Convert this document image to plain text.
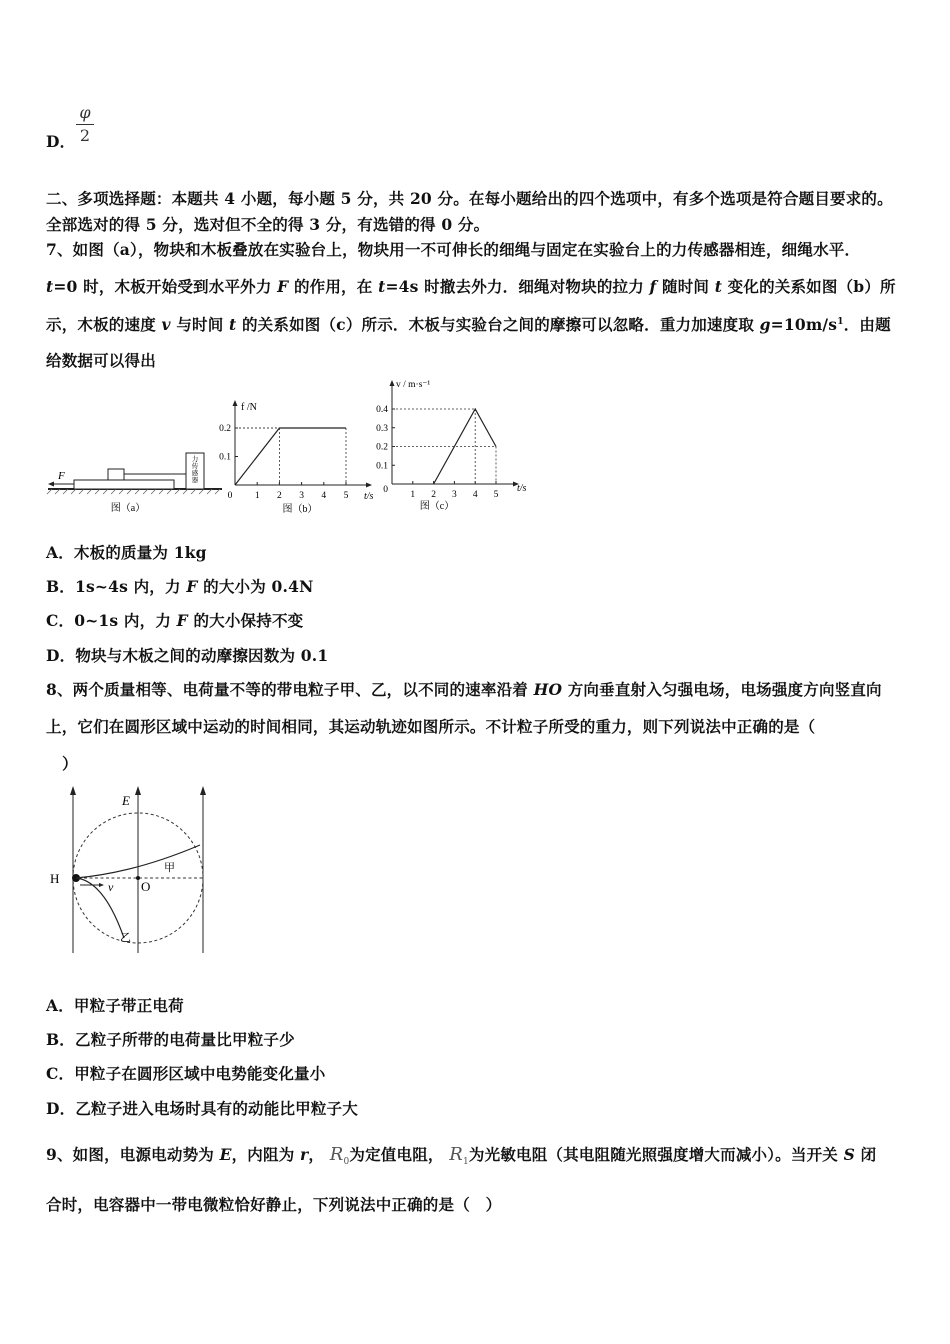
D．
φ
2
二、多项选择题：本题共 4 小题，每小题 5 分，共 20 分。在每小题给出的四个选项中，有多个选项是符合题目要求的。
全部选对的得 5 分，选对但不全的得 3 分，有选错的得 0 分。
7、如图（a），物块和木板叠放在实验台上，物块用一不可伸长的细绳与固定在实验台上的力传感器相连，细绳水平．
t=0 时，木板开始受到水平外力 F 的作用，在 t=4s 时撤去外力．细绳对物块的拉力 f 随时间 t 变化的关系如图（b）所
示，木板的速度 v 与时间 t 的关系如图（c）所示．木板与实验台之间的摩擦可以忽略．重力加速度取 $g=10m/s^1$．由题
给数据可以得出
力
传
感
器
F
图（a）
f /N
t/s
0 1 2 3 4 5
0.1
0.2
图（b）
v / m·s⁻¹
t/s
0 1 2 3 4 5
0.1
0.2
0.3
0.4
图（c）
A．木板的质量为 1kg
B．1s~4s 内，力 F 的大小为 0.4N
C．0~1s 内，力 F 的大小保持不变
D．物块与木板之间的动摩擦因数为 0.1
8、两个质量相等、电荷量不等的带电粒子甲、乙，以不同的速率沿着 HO 方向垂直射入匀强电场，电场强度方向竖直向
上，它们在圆形区域中运动的时间相同，其运动轨迹如图所示。不计粒子所受的重力，则下列说法中正确的是（
）
E
H
O
v
甲
乙
A．甲粒子带正电荷
B．乙粒子所带的电荷量比甲粒子少
C．甲粒子在圆形区域中电势能变化量小
D．乙粒子进入电场时具有的动能比甲粒子大
9、如图，电源电动势为 E，内阻为 r， $R_0$为定值电阻， $R_1$为光敏电阻（其电阻随光照强度增大而减小）。当开关 S 闭
合时，电容器中一带电微粒恰好静止，下列说法中正确的是（　）
